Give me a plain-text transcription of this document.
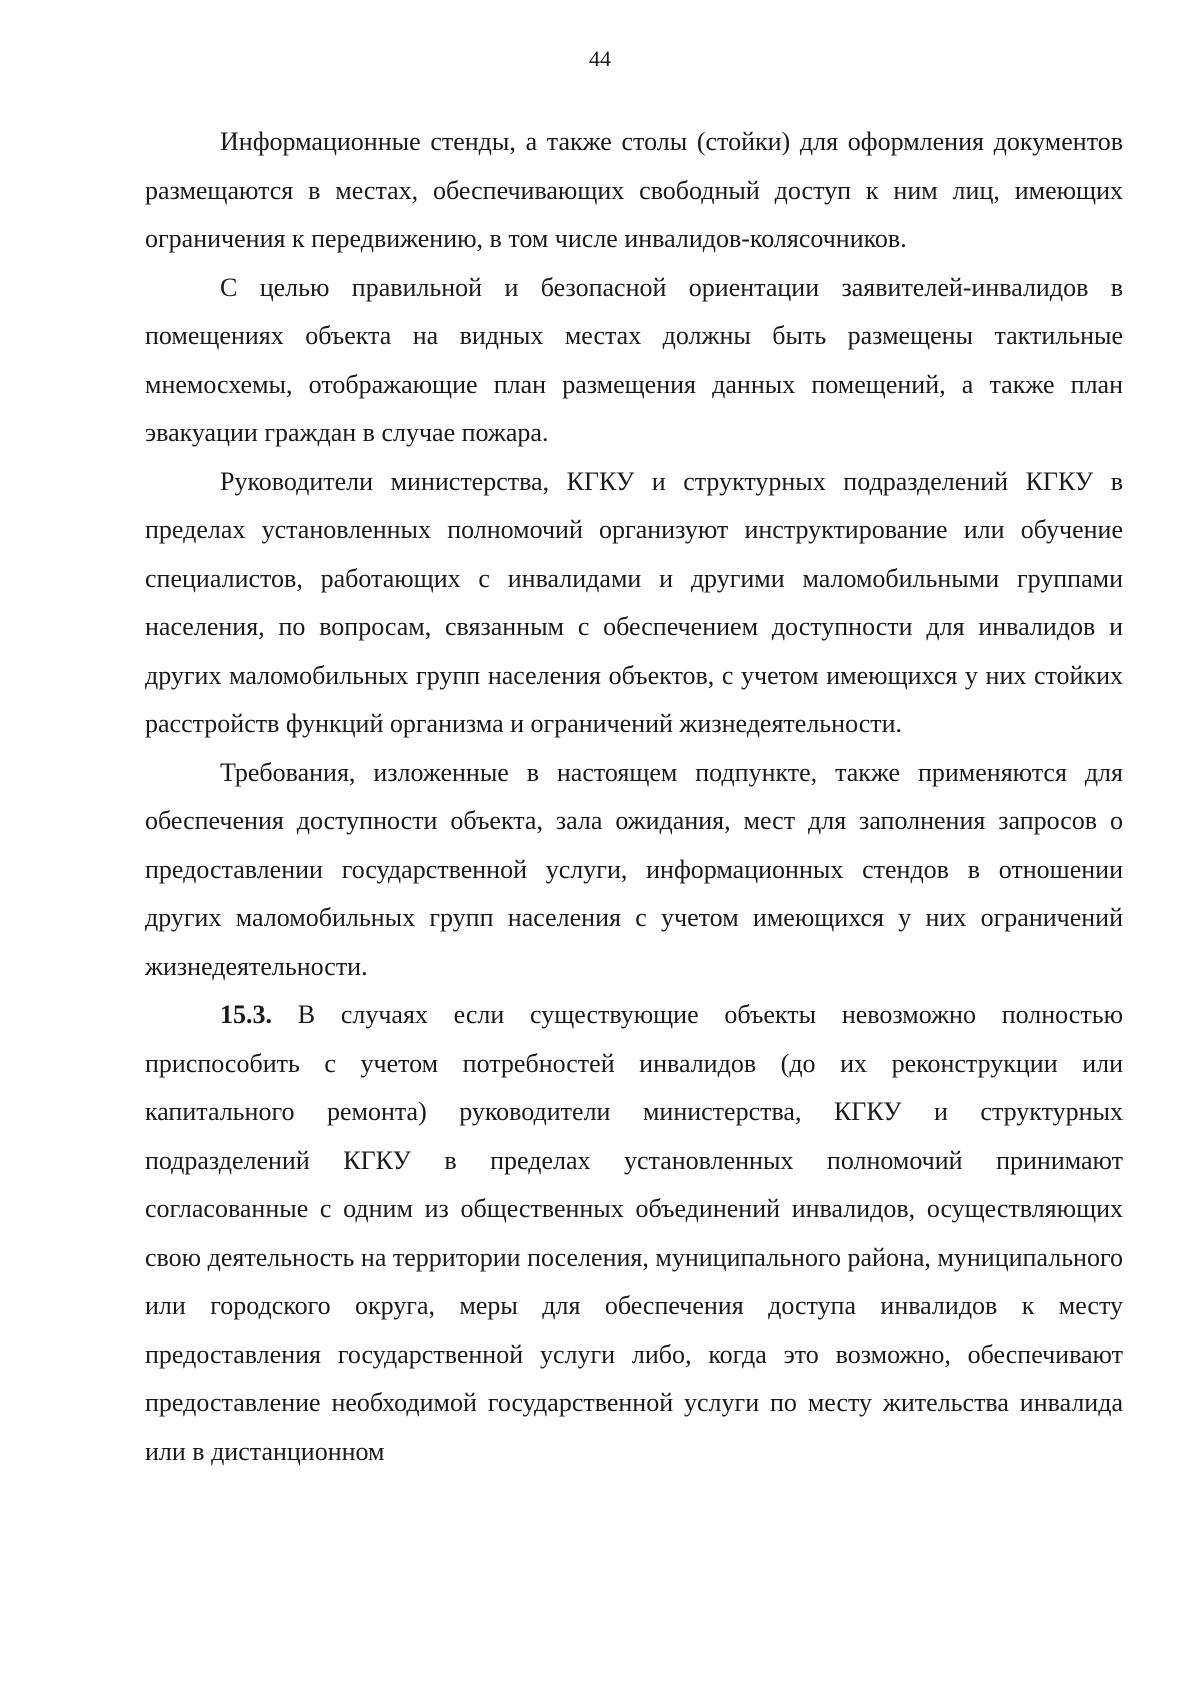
44

Информационные стенды, а также столы (стойки) для оформления документов размещаются в местах, обеспечивающих свободный доступ к ним лиц, имеющих ограничения к передвижению, в том числе инвалидов-колясочников.

С целью правильной и безопасной ориентации заявителей-инвалидов в помещениях объекта на видных местах должны быть размещены тактильные мнемосхемы, отображающие план размещения данных помещений, а также план эвакуации граждан в случае пожара.

Руководители министерства, КГКУ и структурных подразделений КГКУ в пределах установленных полномочий организуют инструктирование или обучение специалистов, работающих с инвалидами и другими маломобильными группами населения, по вопросам, связанным с обеспечением доступности для инвалидов и других маломобильных групп населения объектов, с учетом имеющихся у них стойких расстройств функций организма и ограничений жизнедеятельности.

Требования, изложенные в настоящем подпункте, также применяются для обеспечения доступности объекта, зала ожидания, мест для заполнения запросов о предоставлении государственной услуги, информационных стендов в отношении других маломобильных групп населения с учетом имеющихся у них ограничений жизнедеятельности.

15.3. В случаях если существующие объекты невозможно полностью приспособить с учетом потребностей инвалидов (до их реконструкции или капитального ремонта) руководители министерства, КГКУ и структурных подразделений КГКУ в пределах установленных полномочий принимают согласованные с одним из общественных объединений инвалидов, осуществляющих свою деятельность на территории поселения, муниципального района, муниципального или городского округа, меры для обеспечения доступа инвалидов к месту предоставления государственной услуги либо, когда это возможно, обеспечивают предоставление необходимой государственной услуги по месту жительства инвалида или в дистанционном
